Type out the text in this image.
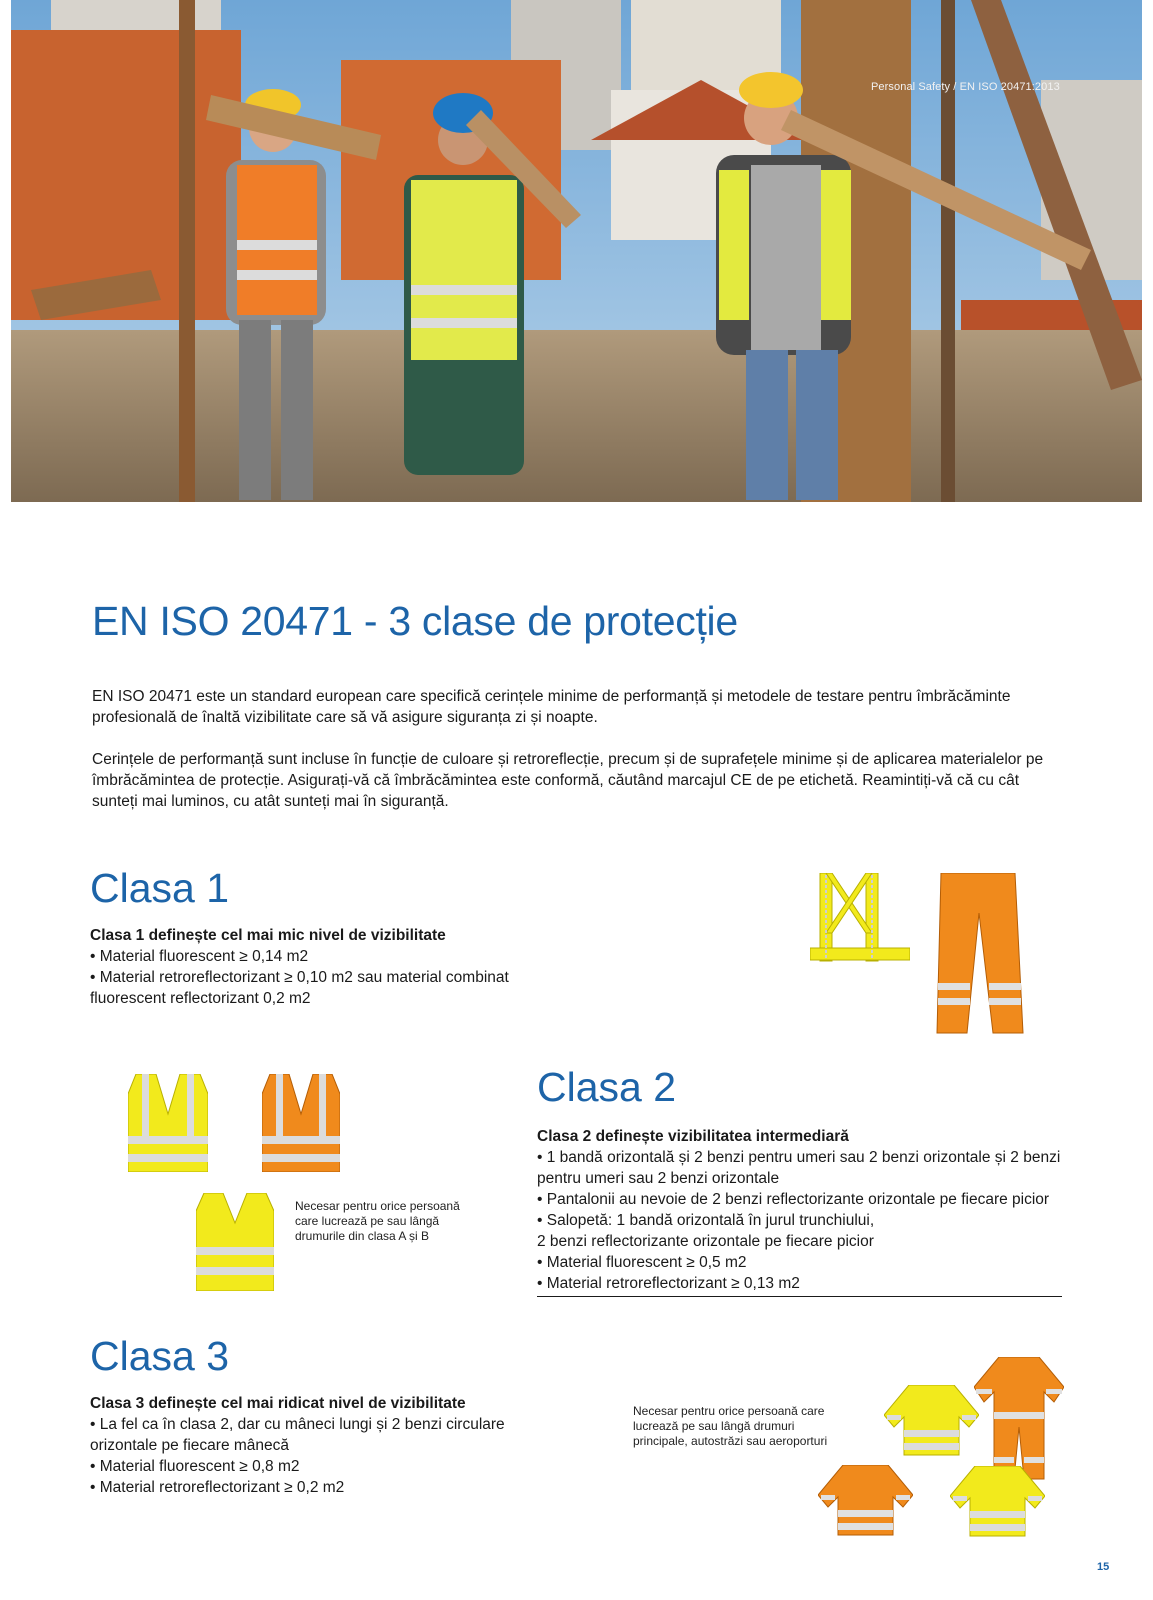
Personal Safety / EN ISO 20471:2013
EN ISO 20471 - 3 clase de protecție

EN ISO 20471 este un standard european care specifică cerințele minime de performanță și metodele de testare pentru îmbrăcăminte profesională de înaltă vizibilitate care să vă asigure siguranța zi și noapte.

Cerințele de performanță sunt incluse în funcție de culoare și retroreflecție, precum și de suprafețele minime și de aplicarea materialelor pe îmbrăcămintea de protecție. Asigurați-vă că îmbrăcămintea este conformă, căutând marcajul CE de pe etichetă. Reamintiți-vă că cu cât sunteți mai luminos, cu atât sunteți mai în siguranță.

Clasa 1
Clasa 1 definește cel mai mic nivel de vizibilitate
• Material fluorescent ≥ 0,14 m2
• Material retroreflectorizant ≥ 0,10 m2 sau material combinat fluorescent reflectorizant 0,2 m2

Necesar pentru orice persoană care lucrează pe sau lângă drumurile din clasa A și B

Clasa 2
Clasa 2 definește vizibilitatea intermediară
• 1 bandă orizontală și 2 benzi pentru umeri sau 2 benzi orizontale și 2 benzi pentru umeri sau 2 benzi orizontale
• Pantalonii au nevoie de 2 benzi reflectorizante orizontale pe fiecare picior
• Salopetă: 1 bandă orizontală în jurul trunchiului,
2 benzi reflectorizante orizontale pe fiecare picior
• Material fluorescent ≥ 0,5 m2
• Material retroreflectorizant ≥ 0,13 m2
Clasa 3
Clasa 3 definește cel mai ridicat nivel de vizibilitate
• La fel ca în clasa 2, dar cu mâneci lungi și 2 benzi circulare orizontale pe fiecare mânecă
• Material fluorescent ≥ 0,8 m2
• Material retroreflectorizant ≥ 0,2 m2

Necesar pentru orice persoană care lucrează pe sau lângă drumuri principale, autostrăzi sau aeroporturi

15
